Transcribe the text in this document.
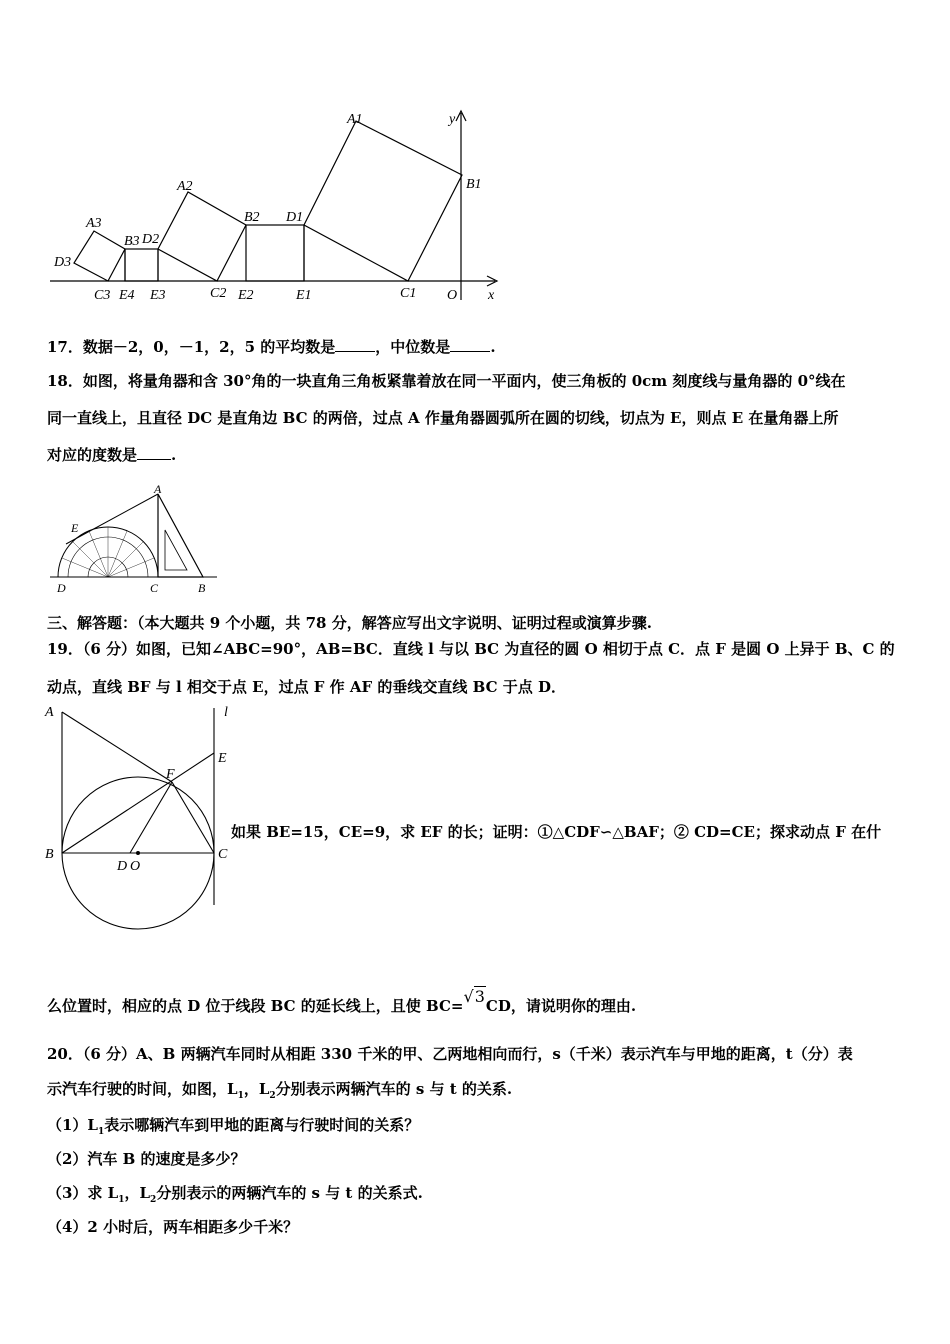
A1
B1
A2
B2 D1
A3
B3 D2
D3
C3 E4 E3	C2 E2	E1	C1 O x
y
17．数据－2，0，－1，2，5 的平均数是	，中位数是	.
18．如图，将量角器和含 30°角的一块直角三角板紧靠着放在同一平面内，使三角板的 0cm 刻度线与量角器的 0°线在
同一直线上，且直径 DC 是直角边 BC 的两倍，过点 A 作量角器圆弧所在圆的切线，切点为 E，则点 E 在量角器上所
对应的度数是 .
A
E
D	C	B
三、解答题：（本大题共 9 个小题，共 78 分，解答应写出文字说明、证明过程或演算步骤.
19．（6 分）如图，已知∠ABC=90°，AB=BC．直线 l 与以 BC 为直径的圆 O 相切于点 C．点 F 是圆 O 上异于 B、C 的
动点，直线 BF 与 l 相交于点 E，过点 F 作 AF 的垂线交直线 BC 于点 D．
A	l
E
F
B
D O
C
如果 BE=15，CE=9，求 EF 的长；证明：①△CDF∽△BAF；② CD=CE；探求动点 F 在什
么位置时，相应的点 D 位于线段 BC 的延长线上，且使 BC=√3CD，请说明你的理由.
20．（6 分）A、B 两辆汽车同时从相距 330 千米的甲、乙两地相向而行，s（千米）表示汽车与甲地的距离，t（分）表
示汽车行驶的时间，如图，$L_1$，$L_2$分别表示两辆汽车的 s 与 t 的关系.
$(1)L_1$表示哪辆汽车到甲地的距离与行驶时间的关系？
（2）汽车 B 的速度是多少？
（3）求 $L_1$，$L_2$分别表示的两辆汽车的 s 与 t 的关系式.
（4）2 小时后，两车相距多少千米？
